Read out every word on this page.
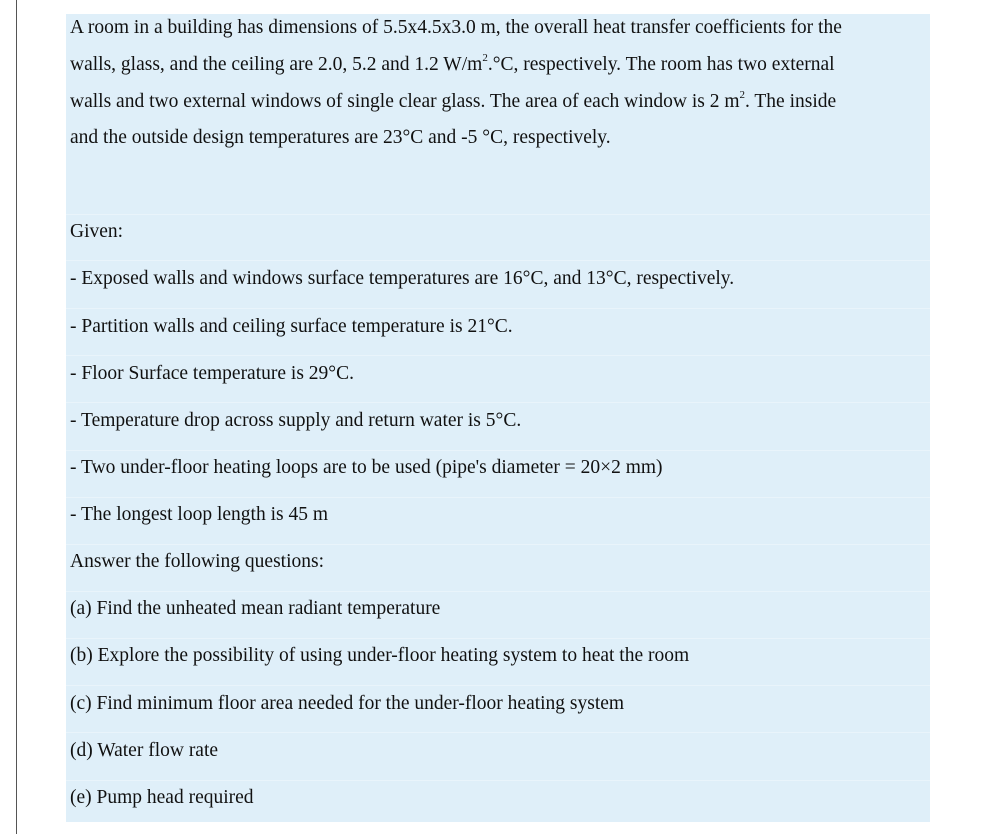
A room in a building has dimensions of 5.5x4.5x3.0 m, the overall heat transfer coefficients for the
walls, glass, and the ceiling are 2.0, 5.2 and 1.2 $W/m^2.^\circ C$, respectively. The room has two external
walls and two external windows of single clear glass. The area of each window is 2 $m^2$. The inside
and the outside design temperatures are 23°C and -5 °C, respectively.
Given:
- Exposed walls and windows surface temperatures are 16°C, and 13°C, respectively.
- Partition walls and ceiling surface temperature is 21°C.
- Floor Surface temperature is 29°C.
- Temperature drop across supply and return water is 5°C.
- Two under-floor heating loops are to be used (pipe's diameter = 20×2 mm)
- The longest loop length is 45 m
Answer the following questions:
(a) Find the unheated mean radiant temperature
(b) Explore the possibility of using under-floor heating system to heat the room
(c) Find minimum floor area needed for the under-floor heating system
(d) Water flow rate
(e) Pump head required
